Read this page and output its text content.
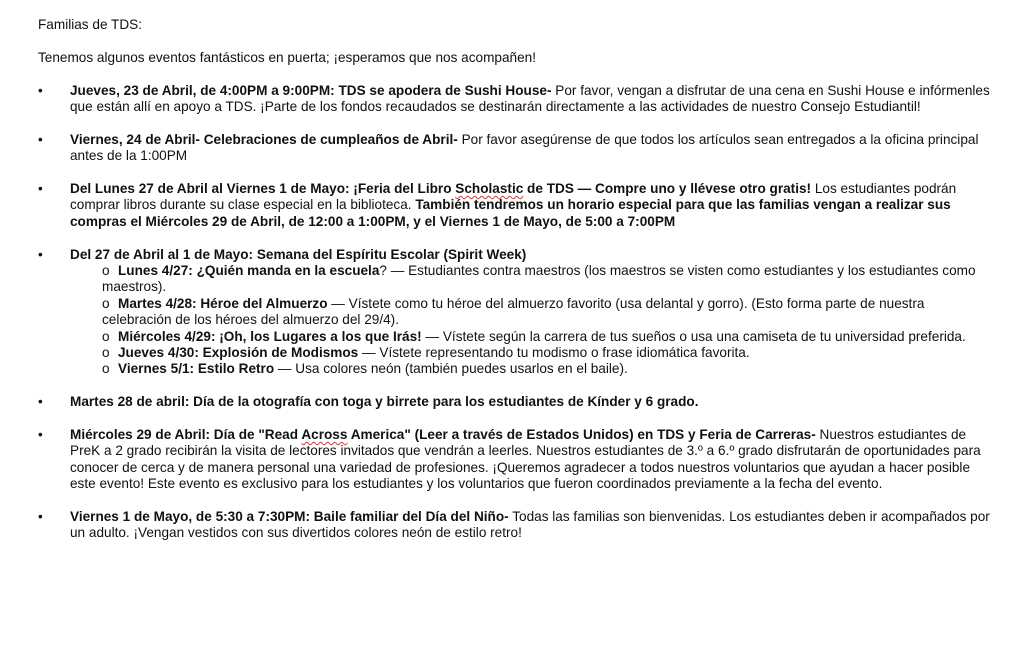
Familias de TDS:

Tenemos algunos eventos fantásticos en puerta; ¡esperamos que nos acompañen!

•	Jueves, 23 de Abril, de 4:00PM a 9:00PM: TDS se apodera de Sushi House- Por favor, vengan a disfrutar de una cena en Sushi House e infórmenles que están allí en apoyo a TDS. ¡Parte de los fondos recaudados se destinarán directamente a las actividades de nuestro Consejo Estudiantil!
•	Viernes, 24 de Abril- Celebraciones de cumpleaños de Abril- Por favor asegúrense de que todos los artículos sean entregados a la oficina principal antes de la 1:00PM
•	Del Lunes 27 de Abril al Viernes 1 de Mayo: ¡Feria del Libro Scholastic de TDS — Compre uno y llévese otro gratis! Los estudiantes podrán comprar libros durante su clase especial en la biblioteca. También tendremos un horario especial para que las familias vengan a realizar sus compras el Miércoles 29 de Abril, de 12:00 a 1:00PM, y el Viernes 1 de Mayo, de 5:00 a 7:00PM
•	Del 27 de Abril al 1 de Mayo: Semana del Espíritu Escolar (Spirit Week)
o Lunes 4/27: ¿Quién manda en la escuela? — Estudiantes contra maestros (los maestros se visten como estudiantes y los estudiantes como maestros).
o Martes 4/28: Héroe del Almuerzo — Vístete como tu héroe del almuerzo favorito (usa delantal y gorro). (Esto forma parte de nuestra celebración de los héroes del almuerzo del 29/4).
o Miércoles 4/29: ¡Oh, los Lugares a los que Irás! — Vístete según la carrera de tus sueños o usa una camiseta de tu universidad preferida.
o Jueves 4/30: Explosión de Modismos — Vístete representando tu modismo o frase idiomática favorita.
o Viernes 5/1: Estilo Retro — Usa colores neón (también puedes usarlos en el baile).
•	Martes 28 de abril: Día de la otografía con toga y birrete para los estudiantes de Kínder y 6 grado.
•	Miércoles 29 de Abril: Día de "Read Across America" (Leer a través de Estados Unidos) en TDS y Feria de Carreras- Nuestros estudiantes de PreK a 2 grado recibirán la visita de lectores invitados que vendrán a leerles. Nuestros estudiantes de 3.º a 6.º grado disfrutarán de oportunidades para conocer de cerca y de manera personal una variedad de profesiones. ¡Queremos agradecer a todos nuestros voluntarios que ayudan a hacer posible este evento! Este evento es exclusivo para los estudiantes y los voluntarios que fueron coordinados previamente a la fecha del evento.
•	Viernes 1 de Mayo, de 5:30 a 7:30PM: Baile familiar del Día del Niño- Todas las familias son bienvenidas. Los estudiantes deben ir acompañados por un adulto. ¡Vengan vestidos con sus divertidos colores neón de estilo retro!
